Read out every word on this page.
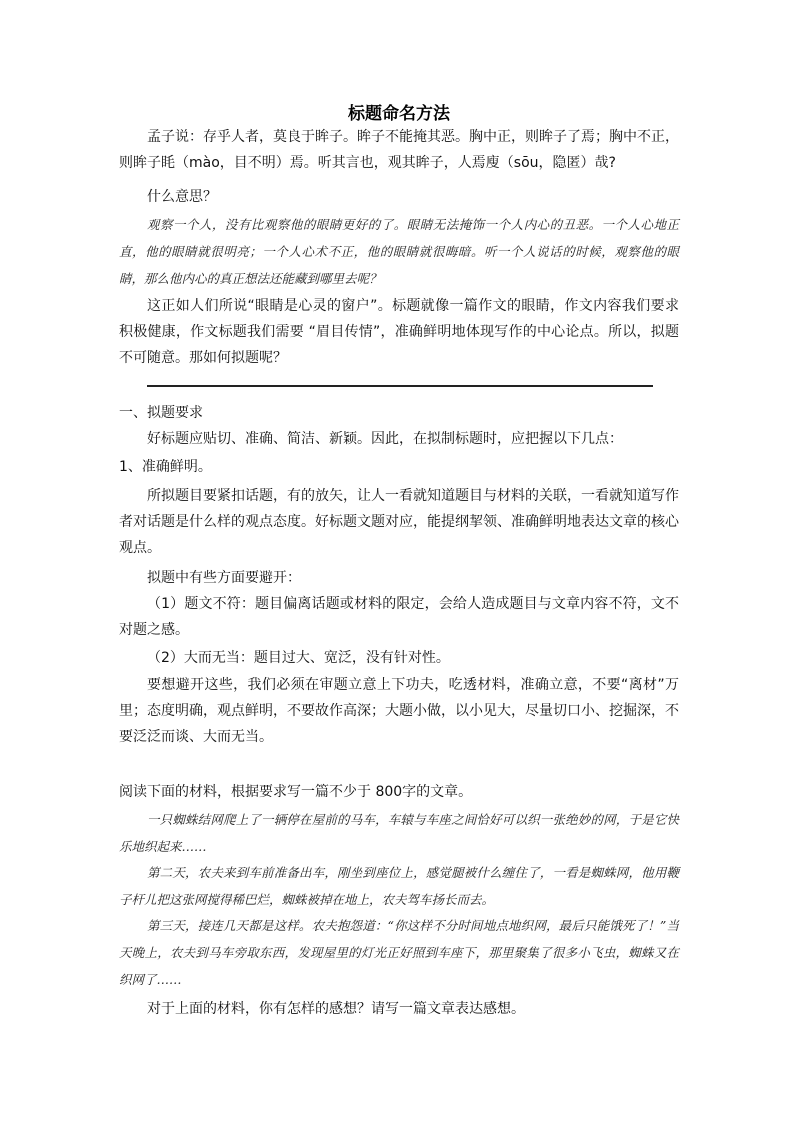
标题命名方法

孟子说：存乎人者，莫良于眸子。眸子不能掩其恶。胸中正，则眸子了焉；胸中不正，则眸子眊（mào，目不明）焉。听其言也，观其眸子，人焉廋（sōu，隐匿）哉?

什么意思？

观察一个人，没有比观察他的眼睛更好的了。眼睛无法掩饰一个人内心的丑恶。一个人心地正直，他的眼睛就很明亮；一个人心术不正，他的眼睛就很晦暗。听一个人说话的时候，观察他的眼睛，那么他内心的真正想法还能藏到哪里去呢？

这正如人们所说“眼睛是心灵的窗户”。标题就像一篇作文的眼睛，作文内容我们要求积极健康，作文标题我们需要 “眉目传情”，准确鲜明地体现写作的中心论点。所以，拟题不可随意。那如何拟题呢？

一、拟题要求

好标题应贴切、准确、简洁、新颖。因此，在拟制标题时，应把握以下几点：

1、准确鲜明。

所拟题目要紧扣话题，有的放矢，让人一看就知道题目与材料的关联，一看就知道写作者对话题是什么样的观点态度。好标题文题对应，能提纲挈领、准确鲜明地表达文章的核心观点。

拟题中有些方面要避开：

（1）题文不符：题目偏离话题或材料的限定，会给人造成题目与文章内容不符，文不对题之感。

（2）大而无当：题目过大、宽泛，没有针对性。

要想避开这些，我们必须在审题立意上下功夫，吃透材料，准确立意，不要“离材”万里；态度明确，观点鲜明，不要故作高深；大题小做，以小见大，尽量切口小、挖掘深，不要泛泛而谈、大而无当。

阅读下面的材料，根据要求写一篇不少于 800字的文章。

一只蜘蛛结网爬上了一辆停在屋前的马车，车辕与车座之间恰好可以织一张绝妙的网，于是它快乐地织起来……

第二天，农夫来到车前准备出车，刚坐到座位上，感觉腿被什么缠住了，一看是蜘蛛网，他用鞭子杆儿把这张网搅得稀巴烂，蜘蛛被掉在地上，农夫驾车扬长而去。

第三天，接连几天都是这样。农夫抱怨道：“你这样不分时间地点地织网，最后只能饿死了！”当天晚上，农夫到马车旁取东西，发现屋里的灯光正好照到车座下，那里聚集了很多小飞虫，蜘蛛又在织网了……

对于上面的材料，你有怎样的感想？请写一篇文章表达感想。
